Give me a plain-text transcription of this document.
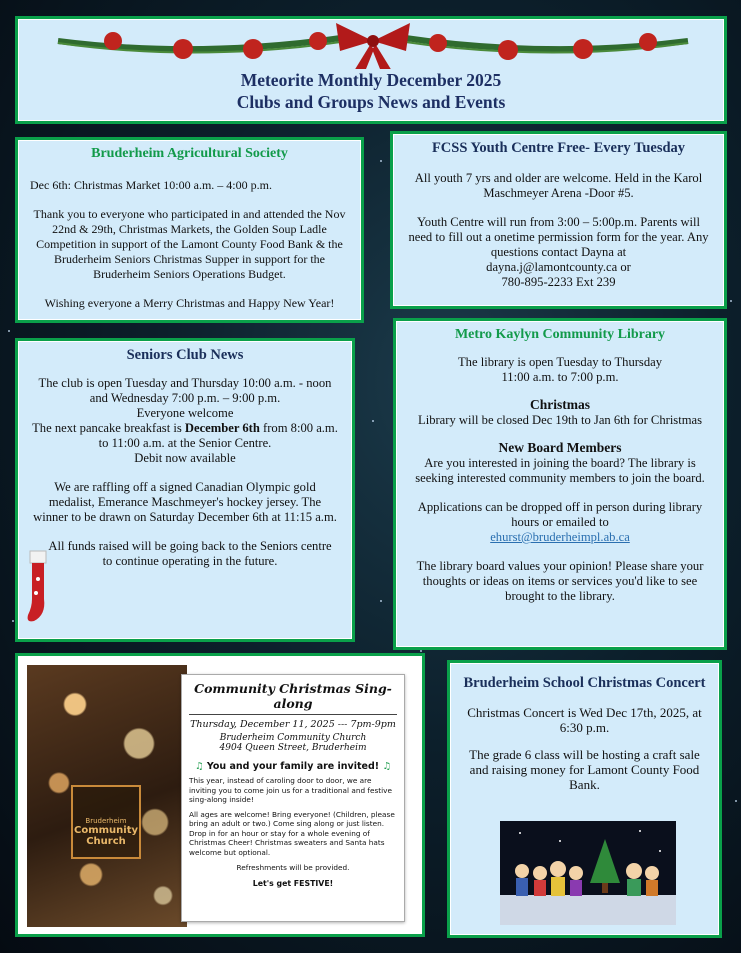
Meteorite Monthly December 2025
Clubs and Groups News and Events
Bruderheim Agricultural Society

Dec 6th: Christmas Market 10:00 a.m. – 4:00 p.m.

Thank you to everyone who participated in and attended the Nov 22nd & 29th, Christmas Markets, the Golden Soup Ladle Competition in support of the Lamont County Food Bank & the Bruderheim Seniors Christmas Supper in support for the Bruderheim Seniors Operations Budget.

Wishing everyone a Merry Christmas and Happy New Year!

FCSS Youth Centre Free- Every Tuesday

All youth 7 yrs and older are welcome. Held in the Karol Maschmeyer Arena -Door #5.

Youth Centre will run from 3:00 – 5:00p.m. Parents will need to fill out a onetime permission form for the year. Any questions contact Dayna at

dayna.j@lamontcounty.ca or

780-895-2233 Ext 239

Seniors Club News

The club is open Tuesday and Thursday 10:00 a.m. - noon and Wednesday 7:00 p.m. – 9:00 p.m.

Everyone welcome

The next pancake breakfast is December 6th from 8:00 a.m. to 11:00 a.m. at the Senior Centre.

Debit now available

We are raffling off a signed Canadian Olympic gold medalist, Emerance Maschmeyer's hockey jersey. The winner to be drawn on Saturday December 6th at 11:15 a.m.

All funds raised will be going back to the Seniors centre to continue operating in the future.

Metro Kaylyn Community Library

The library is open Tuesday to Thursday

11:00 a.m. to 7:00 p.m.

Christmas

Library will be closed Dec 19th to Jan 6th for Christmas

New Board Members

Are you interested in joining the board? The library is seeking interested community members to join the board.

Applications can be dropped off in person during library hours or emailed to

ehurst@bruderheimpl.ab.ca

The library board values your opinion! Please share your thoughts or ideas on items or services you'd like to see brought to the library.

Bruderheim
Community
Church
Community Christmas Sing-along
Thursday, December 11, 2025 --- 7pm-9pm
Bruderheim Community Church
4904 Queen Street, Bruderheim
♫ You and your family are invited! ♫
This year, instead of caroling door to door, we are inviting you to come join us for a traditional and festive sing-along inside!
All ages are welcome! Bring everyone! (Children, please bring an adult or two.) Come sing along or just listen. Drop in for an hour or stay for a whole evening of Christmas Cheer! Christmas sweaters and Santa hats welcome but optional.
Refreshments will be provided.
Let's get FESTIVE!
Bruderheim School Christmas Concert

Christmas Concert is Wed Dec 17th, 2025, at 6:30 p.m.

The grade 6 class will be hosting a craft sale and raising money for Lamont County Food Bank.
